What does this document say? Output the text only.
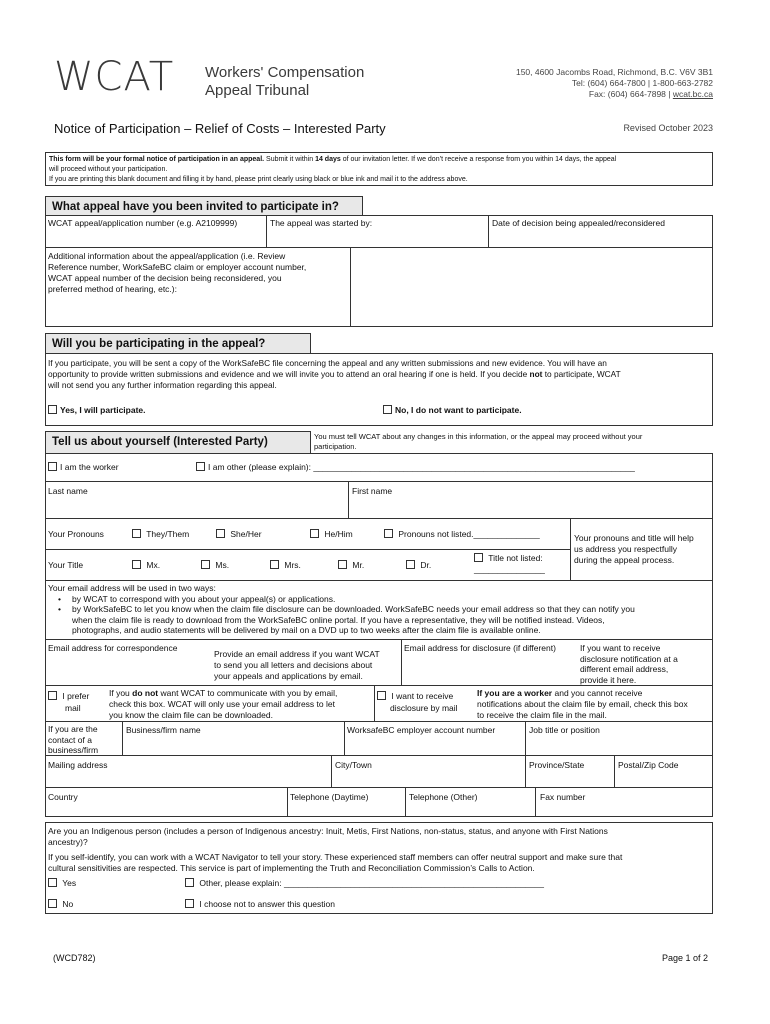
WCAT Workers' Compensation
Appeal Tribunal
150, 4600 Jacombs Road, Richmond, B.C. V6V 3B1
Tel: (604) 664-7800 | 1-800-663-2782
Fax: (604) 664-7898 | wcat.bc.ca
Notice of Participation – Relief of Costs – Interested Party	Revised October 2023
This form will be your formal notice of participation in an appeal. Submit it within 14 days of our invitation letter. If we don’t receive a response from you within 14 days, the appeal
will proceed without your participation.
If you are printing this blank document and filling it by hand, please print clearly using black or blue ink and mail it to the address above.
What appeal have you been invited to participate in?
WCAT appeal/application number (e.g. A2109999)	The appeal was started by:	Date of decision being appealed/reconsidered
Additional information about the appeal/application (i.e. Review
Reference number, WorkSafeBC claim or employer account number,
WCAT appeal number of the decision being reconsidered, you
preferred method of hearing, etc.):
Will you be participating in the appeal?
If you participate, you will be sent a copy of the WorkSafeBC file concerning the appeal and any written submissions and new evidence. You will have an
opportunity to provide written submissions and evidence and we will invite you to attend an oral hearing if one is held. If you decide not to participate, WCAT
will not send you any further information regarding this appeal.
Yes, I will participate.	No, I do not want to participate.
Tell us about yourself (Interested Party)	You must tell WCAT about any changes in this information, or the appeal may proceed without your
participation.
I am the worker	I am other (please explain): ____________________________________________________________________
Last name	First name
Your Pronouns	They/Them	She/Her	He/Him	Pronouns not listed.______________
Your Title	Mx.	Ms.	Mrs.	Mr.	Dr.
Title not listed:
_______________
Your pronouns and title will help
us address you respectfully
during the appeal process.
Your email address will be used in two ways:
• by WCAT to correspond with you about your appeal(s) or applications.
• by WorkSafeBC to let you know when the claim file disclosure can be downloaded. WorkSafeBC needs your email address so that they can notify you
when the claim file is ready to download from the WorkSafeBC online portal. If you have a representative, they will be notified instead. Videos,
photographs, and audio statements will be delivered by mail on a DVD up to two weeks after the claim file is available online.
Email address for correspondence
Provide an email address if you want WCAT
to send you all letters and decisions about
your appeals and applications by email.
Email address for disclosure (if different)	If you want to receive
disclosure notification at a
different email address,
provide it here.
I prefer
mail
If you do not want WCAT to communicate with you by email,
check this box. WCAT will only use your email address to let
you know the claim file can be downloaded.
I want to receive
disclosure by mail
If you are a worker and you cannot receive
notifications about the claim file by email, check this box
to receive the claim file in the mail.
If you are the
contact of a
business/firm
Business/firm name	WorksafeBC employer account number	Job title or position
Mailing address	City/Town	Province/State	Postal/Zip Code
Country	Telephone (Daytime)	Telephone (Other)	Fax number
Are you an Indigenous person (includes a person of Indigenous ancestry: Inuit, Metis, First Nations, non-status, status, and anyone with First Nations
ancestry)?
If you self-identify, you can work with a WCAT Navigator to tell your story. These experienced staff members can offer neutral support and make sure that
cultural sensitivities are respected. This service is part of implementing the Truth and Reconciliation Commission’s Calls to Action.
Yes	Other, please explain: _______________________________________________________
No	I choose not to answer this question
(WCD782)	Page 1 of 2
